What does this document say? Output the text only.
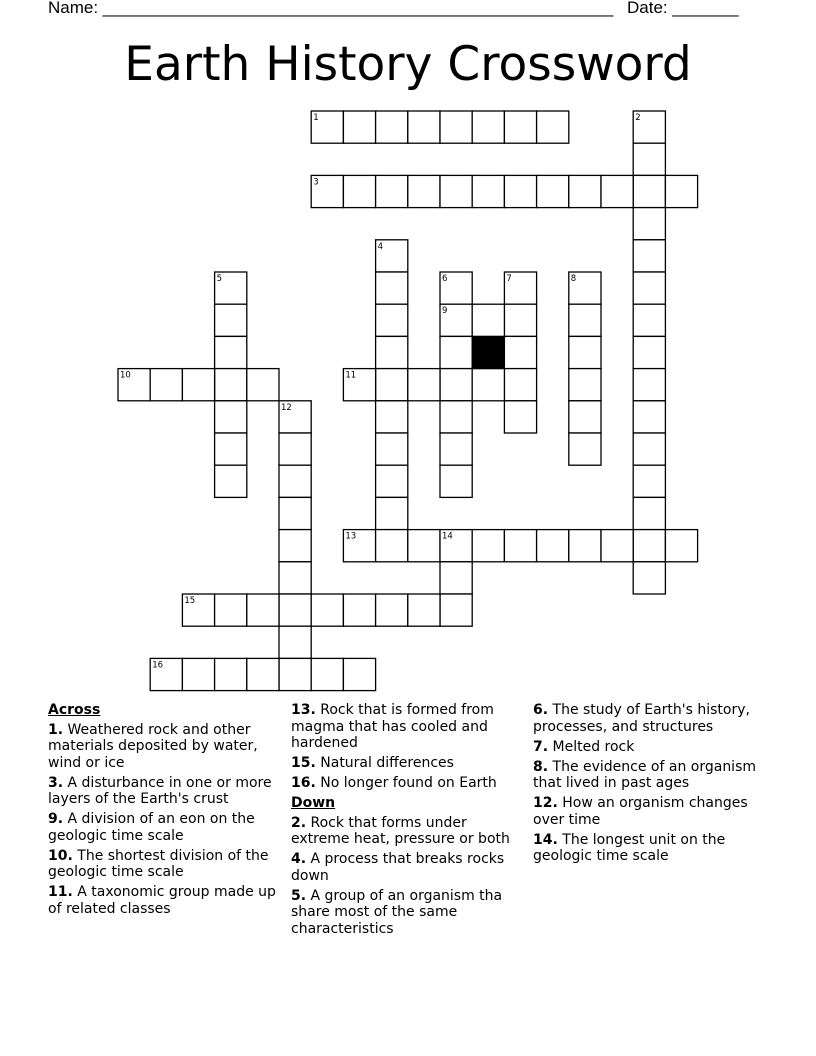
Name: ______________________________________________________ Date: _______
Earth History Crossword
1	2
3
4
5	6	7	8
9
10	11
12
13	14
15
16
Across
1. Weathered rock and other materials deposited by water, wind or ice
3. A disturbance in one or more layers of the Earth's crust
9. A division of an eon on the geologic time scale
10. The shortest division of the geologic time scale
11. A taxonomic group made up of related classes
13. Rock that is formed from magma that has cooled and hardened
15. Natural differences
16. No longer found on Earth
Down
2. Rock that forms under extreme heat, pressure or both
4. A process that breaks rocks down
5. A group of an organism tha share most of the same characteristics
6. The study of Earth's history, processes, and structures
7. Melted rock
8. The evidence of an organism that lived in past ages
12. How an organism changes over time
14. The longest unit on the geologic time scale
